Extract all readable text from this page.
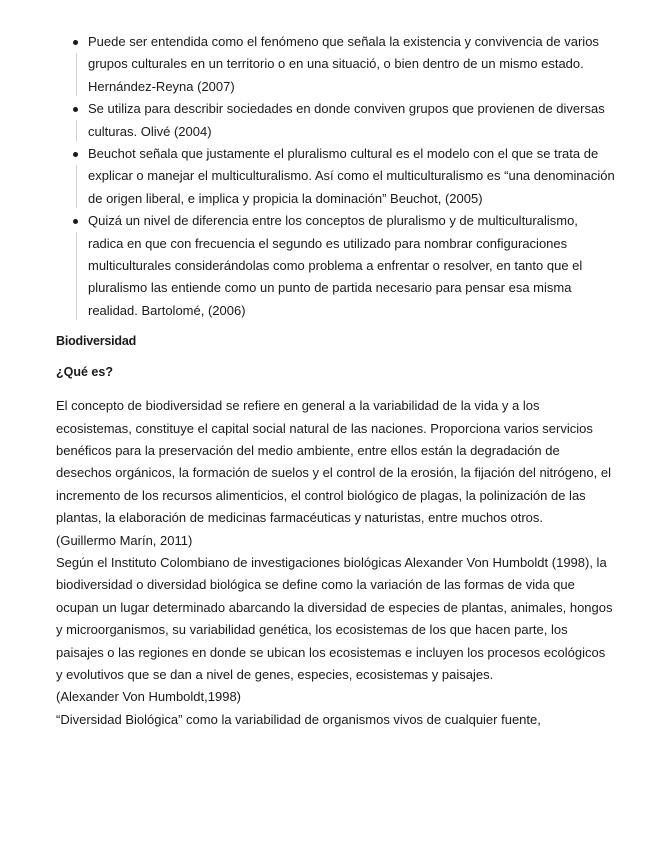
Puede ser entendida como el fenómeno que señala la existencia y convivencia de varios grupos culturales en un territorio o en una situació, o bien dentro de un mismo estado. Hernández-Reyna (2007)
Se utiliza para describir sociedades en donde conviven grupos que provienen de diversas culturas. Olivé (2004)
Beuchot señala que justamente el pluralismo cultural es el modelo con el que se trata de explicar o manejar el multiculturalismo. Así como el multiculturalismo es “una denominación de origen liberal, e implica y propicia la dominación” Beuchot, (2005)
Quizá un nivel de diferencia entre los conceptos de pluralismo y de multiculturalismo, radica en que con frecuencia el segundo es utilizado para nombrar configuraciones multiculturales considerándolas como problema a enfrentar o resolver, en tanto que el pluralismo las entiende como un punto de partida necesario para pensar esa misma realidad. Bartolomé, (2006)
Biodiversidad
¿Qué es?
El concepto de biodiversidad se refiere en general a la variabilidad de la vida y a los ecosistemas, constituye el capital social natural de las naciones. Proporciona varios servicios benéficos para la preservación del medio ambiente, entre ellos están la degradación de desechos orgánicos, la formación de suelos y el control de la erosión, la fijación del nitrógeno, el incremento de los recursos alimenticios, el control biológico de plagas, la polinización de las plantas, la elaboración de medicinas farmacéuticas y naturistas, entre muchos otros.
(Guillermo Marín, 2011)
Según el Instituto Colombiano de investigaciones biológicas Alexander Von Humboldt (1998), la biodiversidad o diversidad biológica se define como la variación de las formas de vida que ocupan un lugar determinado abarcando la diversidad de especies de plantas, animales, hongos y microorganismos, su variabilidad genética, los ecosistemas de los que hacen parte, los paisajes o las regiones en donde se ubican los ecosistemas e incluyen los procesos ecológicos y evolutivos que se dan a nivel de genes, especies, ecosistemas y paisajes.
(Alexander Von Humboldt,1998)
“Diversidad Biológica” como la variabilidad de organismos vivos de cualquier fuente,
